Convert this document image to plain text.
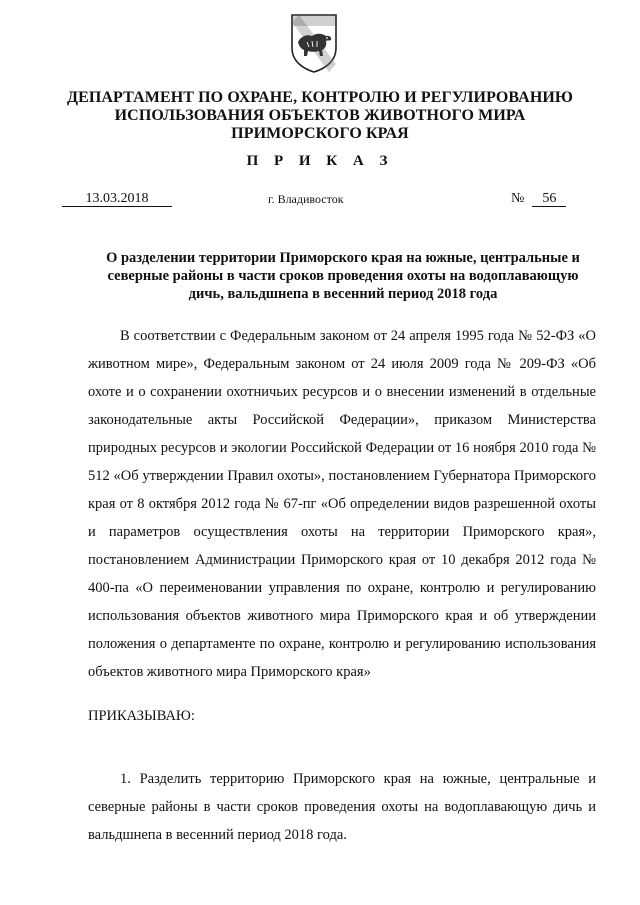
ДЕПАРТАМЕНТ ПО ОХРАНЕ, КОНТРОЛЮ И РЕГУЛИРОВАНИЮ
ИСПОЛЬЗОВАНИЯ ОБЪЕКТОВ ЖИВОТНОГО МИРА
ПРИМОРСКОГО КРАЯ
П Р И К А З
13.03.2018	г. Владивосток	№ 56
О разделении территории Приморского края на южные, центральные и
северные районы в части сроков проведения охоты на водоплавающую
дичь, вальдшнепа в весенний период 2018 года

В соответствии с Федеральным законом от 24 апреля 1995 года № 52-ФЗ «О животном мире», Федеральным законом от 24 июля 2009 года № 209-ФЗ «Об охоте и о сохранении охотничьих ресурсов и о внесении изменений в отдельные законодательные акты Российской Федерации», приказом Министерства природных ресурсов и экологии Российской Федерации от 16 ноября 2010 года № 512 «Об утверждении Правил охоты», постановлением Губернатора Приморского края от 8 октября 2012 года № 67-пг «Об определении видов разрешенной охоты и параметров осуществления охоты на территории Приморского края», постановлением Администрации Приморского края от 10 декабря 2012 года № 400-па «О переименовании управления по охране, контролю и регулированию использования объектов животного мира Приморского края и об утверждении положения о департаменте по охране, контролю и регулированию использования объектов животного мира Приморского края»

ПРИКАЗЫВАЮ:

1. Разделить территорию Приморского края на южные, центральные и северные районы в части сроков проведения охоты на водоплавающую дичь и вальдшнепа в весенний период 2018 года.
